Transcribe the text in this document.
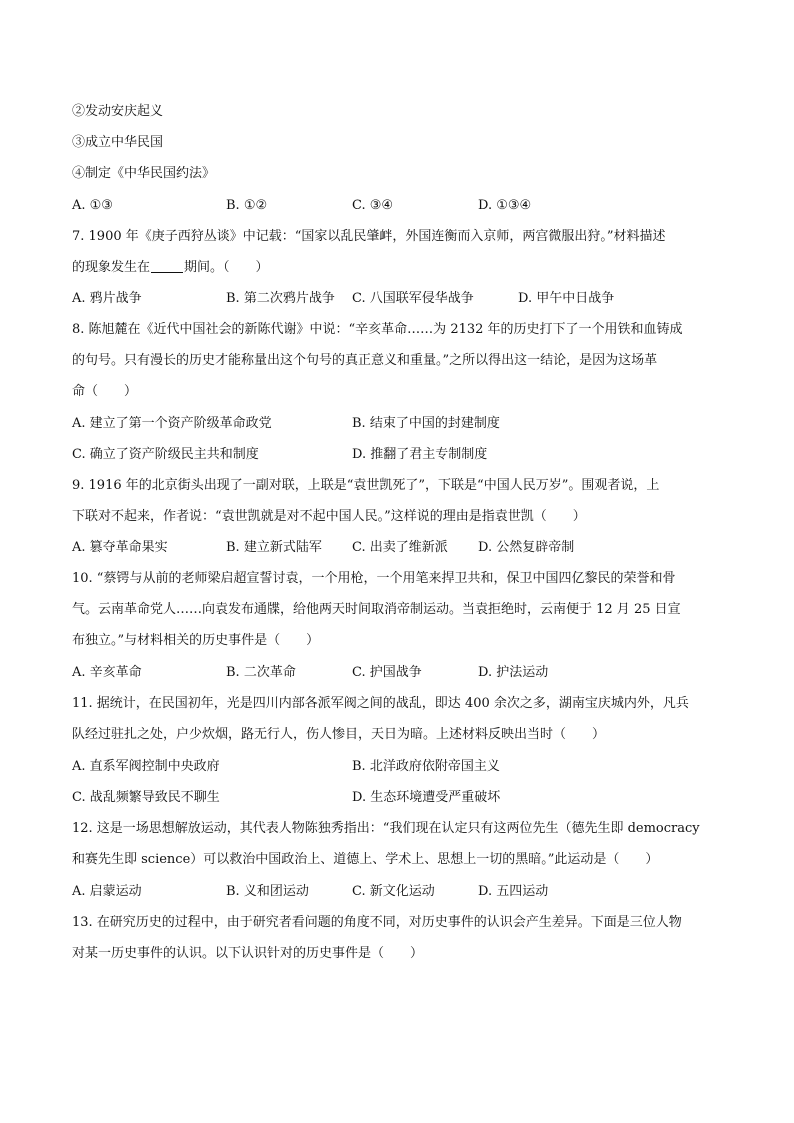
②发动安庆起义
③成立中华民国
④制定《中华民国约法》
A. ①③	B. ①②	C. ③④	D. ①③④
7. 1900 年《庚子西狩丛谈》中记载：“国家以乱民肇衅，外国连衡而入京师，两宫微服出狩。”材料描述
的现象发生在	期间。（　　）
A. 鸦片战争	B. 第二次鸦片战争 C. 八国联军侵华战争	D. 甲午中日战争
8. 陈旭麓在《近代中国社会的新陈代谢》中说：“辛亥革命……为 2132 年的历史打下了一个用铁和血铸成
的句号。只有漫长的历史才能称量出这个句号的真正意义和重量。”之所以得出这一结论，是因为这场革
命（　　）
A. 建立了第一个资产阶级革命政党	B. 结束了中国的封建制度
C. 确立了资产阶级民主共和制度	D. 推翻了君主专制制度
9. 1916 年的北京街头出现了一副对联，上联是“袁世凯死了”，下联是“中国人民万岁”。围观者说，上
下联对不起来，作者说：“袁世凯就是对不起中国人民。”这样说的理由是指袁世凯（　　）
A. 篡夺革命果实	B. 建立新式陆军 C. 出卖了维新派 D. 公然复辟帝制
10. “蔡锷与从前的老师梁启超宣誓讨袁，一个用枪，一个用笔来捍卫共和，保卫中国四亿黎民的荣誉和骨
气。云南革命党人……向袁发布通牒，给他两天时间取消帝制运动。当袁拒绝时，云南便于 12 月 25 日宣
布独立。”与材料相关的历史事件是（　　）
A. 辛亥革命	B. 二次革命	C. 护国战争	D. 护法运动
11. 据统计，在民国初年，光是四川内部各派军阀之间的战乱，即达 400 余次之多，湖南宝庆城内外，凡兵
队经过驻扎之处，户少炊烟，路无行人，伤人惨目，天日为暗。上述材料反映出当时（　　）
A. 直系军阀控制中央政府	B. 北洋政府依附帝国主义
C. 战乱频繁导致民不聊生	D. 生态环境遭受严重破坏
12. 这是一场思想解放运动，其代表人物陈独秀指出：“我们现在认定只有这两位先生（德先生即 democracy
和赛先生即 science）可以救治中国政治上、道德上、学术上、思想上一切的黑暗。”此运动是（　　）
A. 启蒙运动	B. 义和团运动	C. 新文化运动	D. 五四运动
13. 在研究历史的过程中，由于研究者看问题的角度不同，对历史事件的认识会产生差异。下面是三位人物
对某一历史事件的认识。以下认识针对的历史事件是（　　）
